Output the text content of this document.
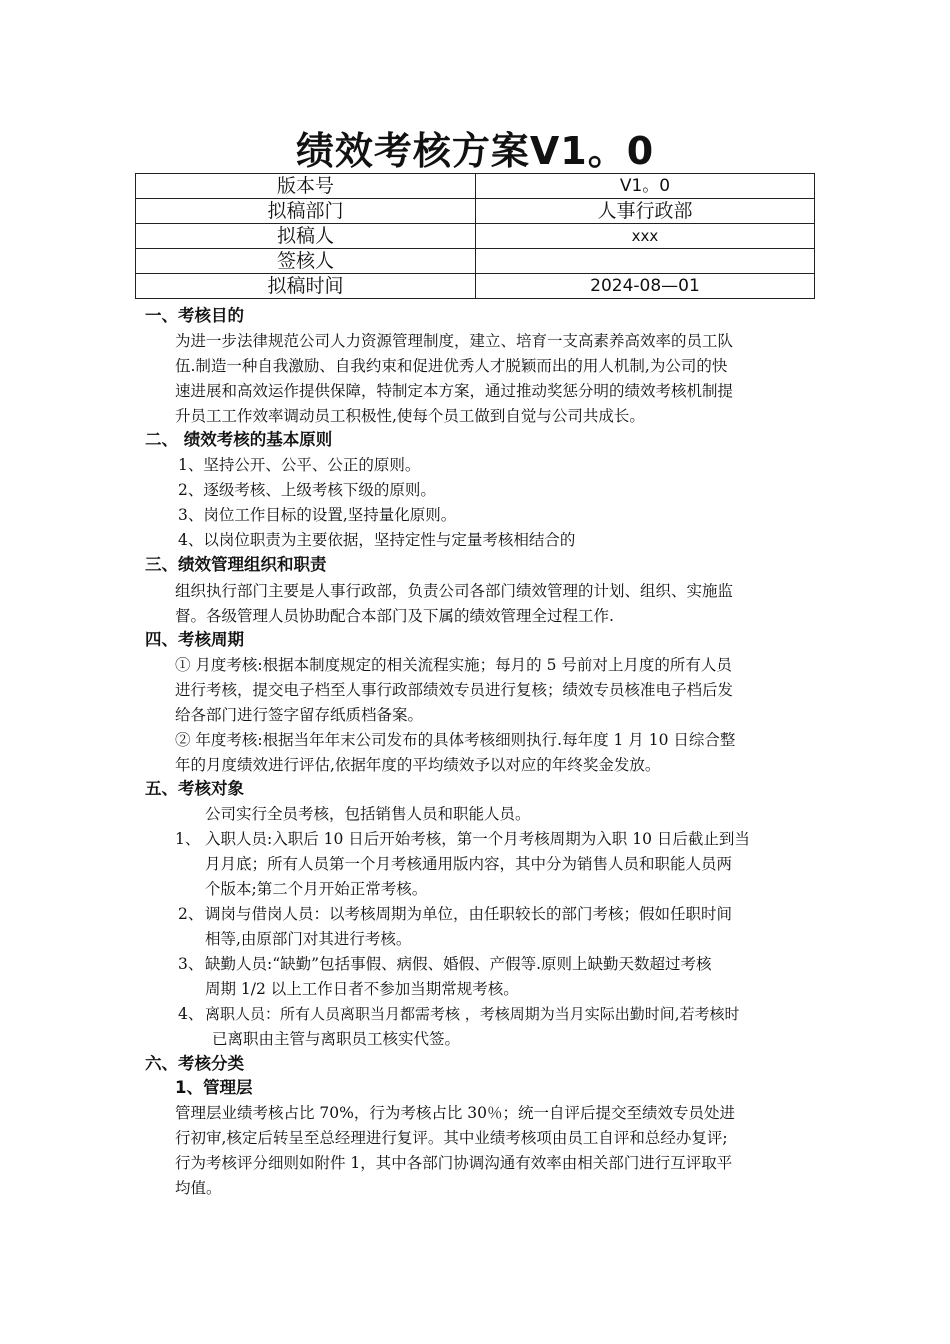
绩效考核方案V1。0
版本号	V1。0
拟稿部门	人事行政部
拟稿人	xxx
签核人	
拟稿时间	2024-08—01
一、考核目的
为进一步法律规范公司人力资源管理制度，建立、培育一支高素养高效率的员工队
伍.制造一种自我激励、自我约束和促进优秀人才脱颖而出的用人机制,为公司的快
速进展和高效运作提供保障，特制定本方案，通过推动奖惩分明的绩效考核机制提
升员工工作效率调动员工积极性,使每个员工做到自觉与公司共成长。
二、 绩效考核的基本原则
1、坚持公开、公平、公正的原则。
2、逐级考核、上级考核下级的原则。
3、岗位工作目标的设置,坚持量化原则。
4、以岗位职责为主要依据，坚持定性与定量考核相结合的
三、绩效管理组织和职责
组织执行部门主要是人事行政部，负责公司各部门绩效管理的计划、组织、实施监
督。各级管理人员协助配合本部门及下属的绩效管理全过程工作.
四、考核周期
① 月度考核:根据本制度规定的相关流程实施；每月的 5 号前对上月度的所有人员
进行考核，提交电子档至人事行政部绩效专员进行复核；绩效专员核准电子档后发
给各部门进行签字留存纸质档备案。
② 年度考核:根据当年年末公司发布的具体考核细则执行.每年度 1 月 10 日综合整
年的月度绩效进行评估,依据年度的平均绩效予以对应的年终奖金发放。
五、考核对象
公司实行全员考核，包括销售人员和职能人员。
1、 入职人员:入职后 10 日后开始考核，第一个月考核周期为入职 10 日后截止到当
月月底；所有人员第一个月考核通用版内容，其中分为销售人员和职能人员两
个版本;第二个月开始正常考核。
2、 调岗与借岗人员：以考核周期为单位，由任职较长的部门考核；假如任职时间
相等,由原部门对其进行考核。
3、 缺勤人员:“缺勤”包括事假、病假、婚假、产假等.原则上缺勤天数超过考核
周期 1/2 以上工作日者不参加当期常规考核。
4、 离职人员：所有人员离职当月都需考核 ，考核周期为当月实际出勤时间,若考核时
已离职由主管与离职员工核实代签。
六、考核分类
1、管理层
管理层业绩考核占比 70%，行为考核占比 30％；统一自评后提交至绩效专员处进
行初审,核定后转呈至总经理进行复评。其中业绩考核项由员工自评和总经办复评;
行为考核评分细则如附件 1，其中各部门协调沟通有效率由相关部门进行互评取平
均值。
